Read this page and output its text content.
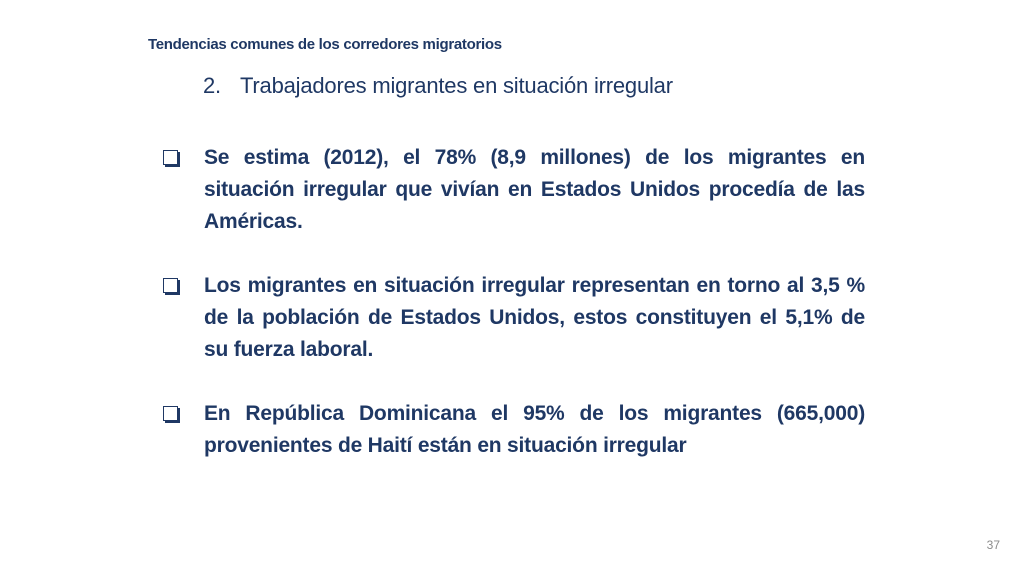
Tendencias comunes de los corredores migratorios
2. Trabajadores migrantes en situación irregular
Se estima (2012), el 78% (8,9 millones) de los migrantes en situación irregular que vivían en Estados Unidos procedía de las Américas.
Los migrantes en situación irregular representan en torno al 3,5 % de la población de Estados Unidos, estos constituyen el 5,1% de su fuerza laboral.
En República Dominicana el 95% de los migrantes (665,000) provenientes de Haití están en situación irregular
37
